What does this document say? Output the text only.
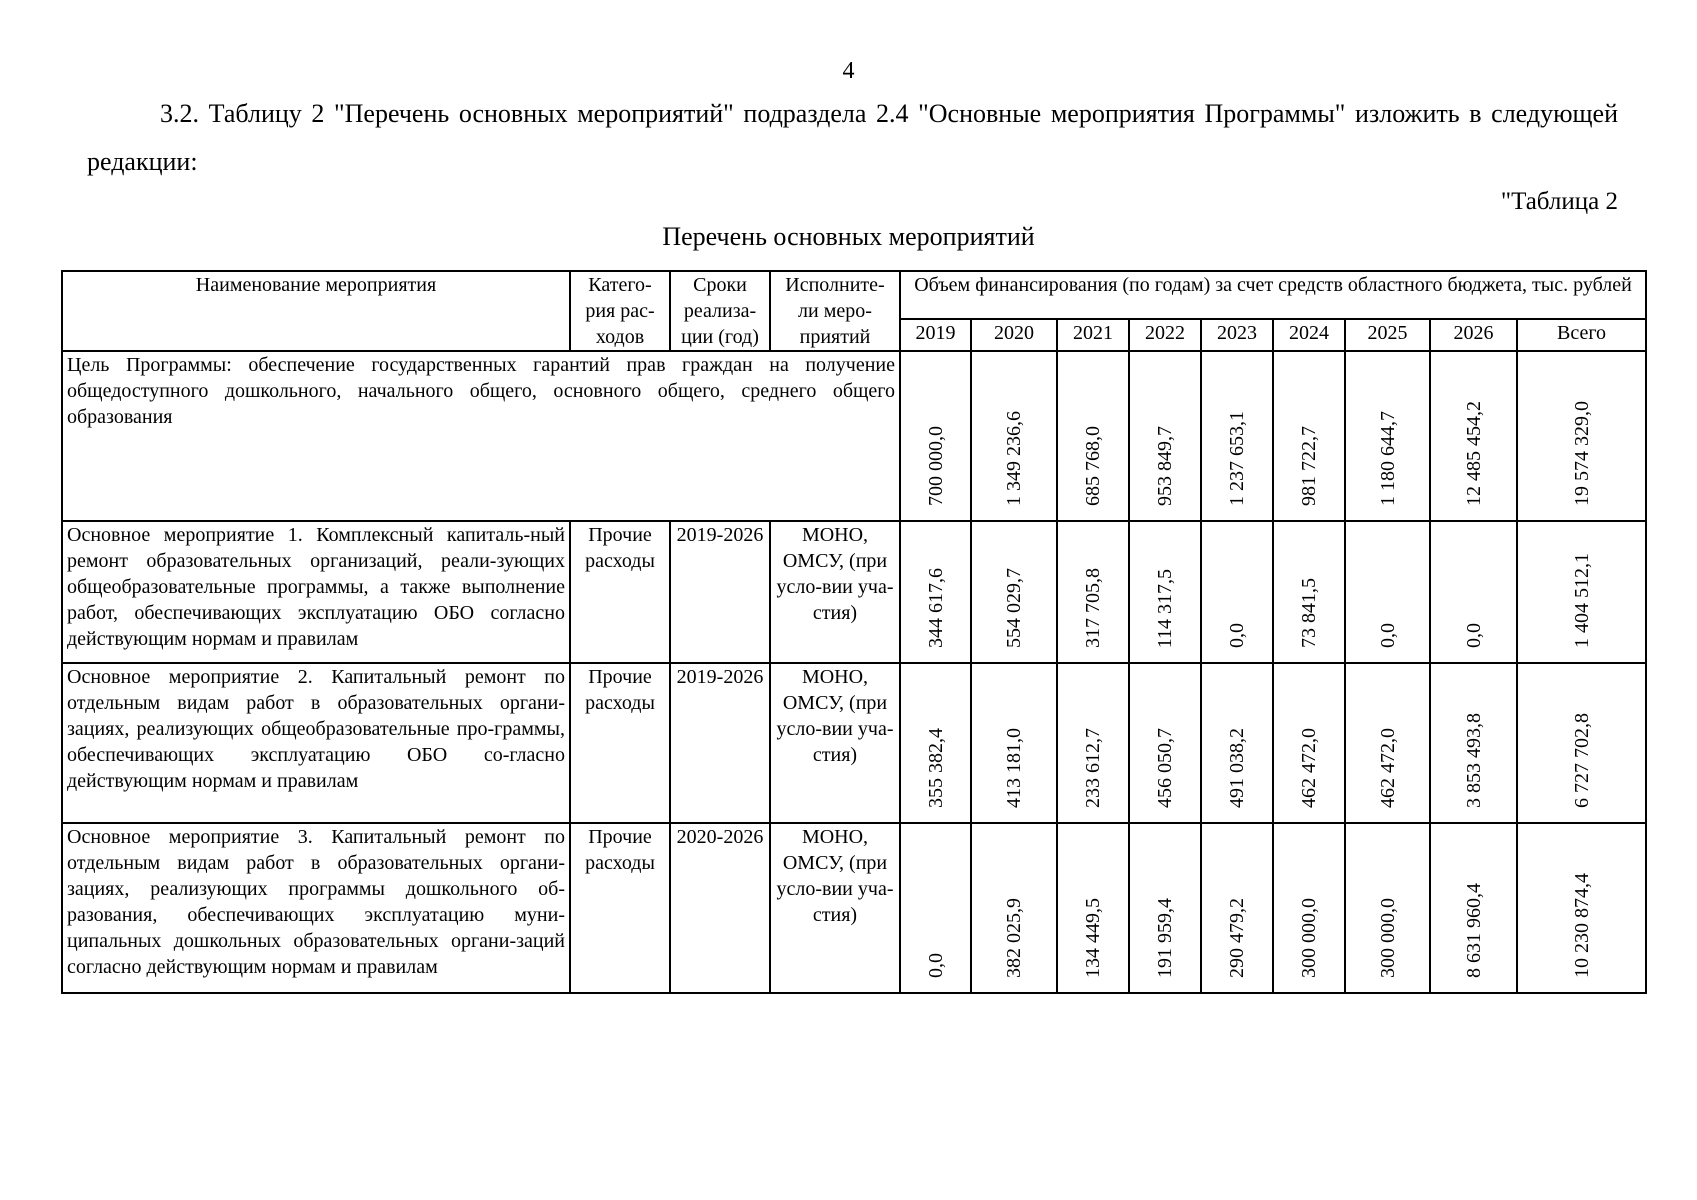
4
3.2. Таблицу 2 "Перечень основных мероприятий" подраздела 2.4 "Основные мероприятия Программы" изложить в следующей редакции:
"Таблица 2
Перечень основных мероприятий
Наименование мероприятия	Катего-рия рас-ходов	Сроки реализа-ции (год)	Исполните-ли меро-приятий	Объем финансирования (по годам) за счет средств областного бюджета, тыс. рублей								
				2019	2020	2021	2022	2023	2024	2025	2026	Всего
Цель Программы: обеспечение государственных гарантий прав граждан на получение общедоступного дошкольного, начального общего, основного общего, среднего общего образования				700 000,0	1 349 236,6	685 768,0	953 849,7	1 237 653,1	981 722,7	1 180 644,7	12 485 454,2	19 574 329,0

Основное мероприятие 1. Комплексный капиталь-ный ремонт образовательных организаций, реали-зующих общеобразовательные программы, а также выполнение работ, обеспечивающих эксплуатацию ОБО согласно действующим нормам и правилам	Прочие расходы	2019-2026	МОНО, ОМСУ, (при усло-вии уча-стия)	344 617,6	554 029,7	317 705,8	114 317,5	0,0	73 841,5	0,0	0,0	1 404 512,1

Основное мероприятие 2. Капитальный ремонт по отдельным видам работ в образовательных органи-зациях, реализующих общеобразовательные про-граммы, обеспечивающих эксплуатацию ОБО со-гласно действующим нормам и правилам	Прочие расходы	2019-2026	МОНО, ОМСУ, (при усло-вии уча-стия)	355 382,4	413 181,0	233 612,7	456 050,7	491 038,2	462 472,0	462 472,0	3 853 493,8	6 727 702,8

Основное мероприятие 3. Капитальный ремонт по отдельным видам работ в образовательных органи-зациях, реализующих программы дошкольного об-разования, обеспечивающих эксплуатацию муни-ципальных дошкольных образовательных органи-заций согласно действующим нормам и правилам	Прочие расходы	2020-2026	МОНО, ОМСУ, (при усло-вии уча-стия)	0,0	382 025,9	134 449,5	191 959,4	290 479,2	300 000,0	300 000,0	8 631 960,4	10 230 874,4
